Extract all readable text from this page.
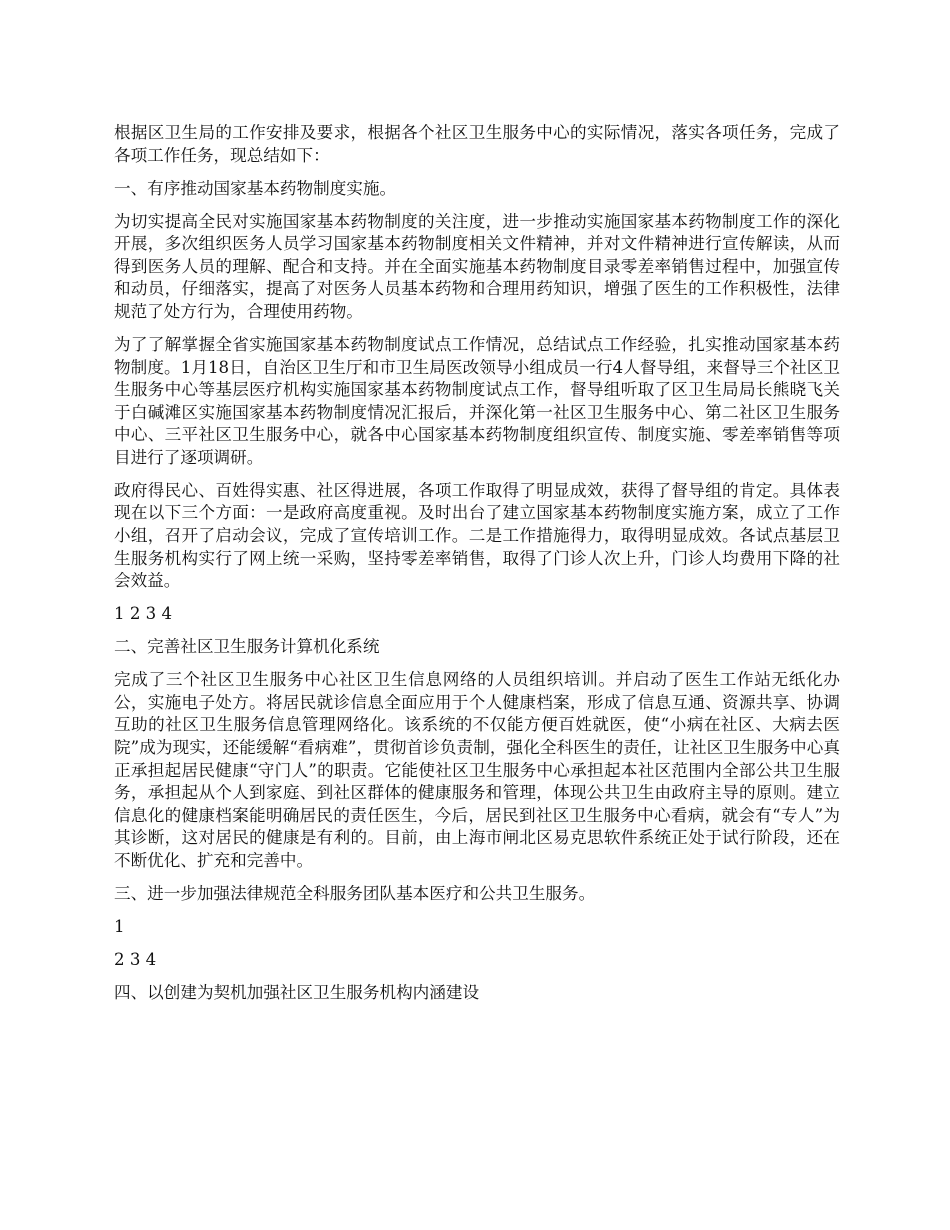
根据区卫生局的工作安排及要求，根据各个社区卫生服务中心的实际情况，落实各项任务，完成了各项工作任务，现总结如下：

一、有序推动国家基本药物制度实施。

为切实提高全民对实施国家基本药物制度的关注度，进一步推动实施国家基本药物制度工作的深化开展，多次组织医务人员学习国家基本药物制度相关文件精神，并对文件精神进行宣传解读，从而得到医务人员的理解、配合和支持。并在全面实施基本药物制度目录零差率销售过程中，加强宣传和动员，仔细落实，提高了对医务人员基本药物和合理用药知识，增强了医生的工作积极性，法律规范了处方行为，合理使用药物。

为了了解掌握全省实施国家基本药物制度试点工作情况，总结试点工作经验，扎实推动国家基本药物制度。1月18日，自治区卫生厅和市卫生局医改领导小组成员一行4人督导组，来督导三个社区卫生服务中心等基层医疗机构实施国家基本药物制度试点工作，督导组听取了区卫生局局长熊晓飞关于白碱滩区实施国家基本药物制度情况汇报后，并深化第一社区卫生服务中心、第二社区卫生服务中心、三平社区卫生服务中心，就各中心国家基本药物制度组织宣传、制度实施、零差率销售等项目进行了逐项调研。

政府得民心、百姓得实惠、社区得进展，各项工作取得了明显成效，获得了督导组的肯定。具体表现在以下三个方面：一是政府高度重视。及时出台了建立国家基本药物制度实施方案，成立了工作小组，召开了启动会议，完成了宣传培训工作。二是工作措施得力，取得明显成效。各试点基层卫生服务机构实行了网上统一采购，坚持零差率销售，取得了门诊人次上升，门诊人均费用下降的社会效益。

1 2 3 4

二、完善社区卫生服务计算机化系统

完成了三个社区卫生服务中心社区卫生信息网络的人员组织培训。并启动了医生工作站无纸化办公，实施电子处方。将居民就诊信息全面应用于个人健康档案，形成了信息互通、资源共享、协调互助的社区卫生服务信息管理网络化。该系统的不仅能方便百姓就医，使“小病在社区、大病去医院”成为现实，还能缓解“看病难”，贯彻首诊负责制，强化全科医生的责任，让社区卫生服务中心真正承担起居民健康“守门人”的职责。它能使社区卫生服务中心承担起本社区范围内全部公共卫生服务，承担起从个人到家庭、到社区群体的健康服务和管理，体现公共卫生由政府主导的原则。建立信息化的健康档案能明确居民的责任医生，今后，居民到社区卫生服务中心看病，就会有“专人”为其诊断，这对居民的健康是有利的。目前，由上海市闸北区易克思软件系统正处于试行阶段，还在不断优化、扩充和完善中。

三、进一步加强法律规范全科服务团队基本医疗和公共卫生服务。

1

2 3 4

四、以创建为契机加强社区卫生服务机构内涵建设
